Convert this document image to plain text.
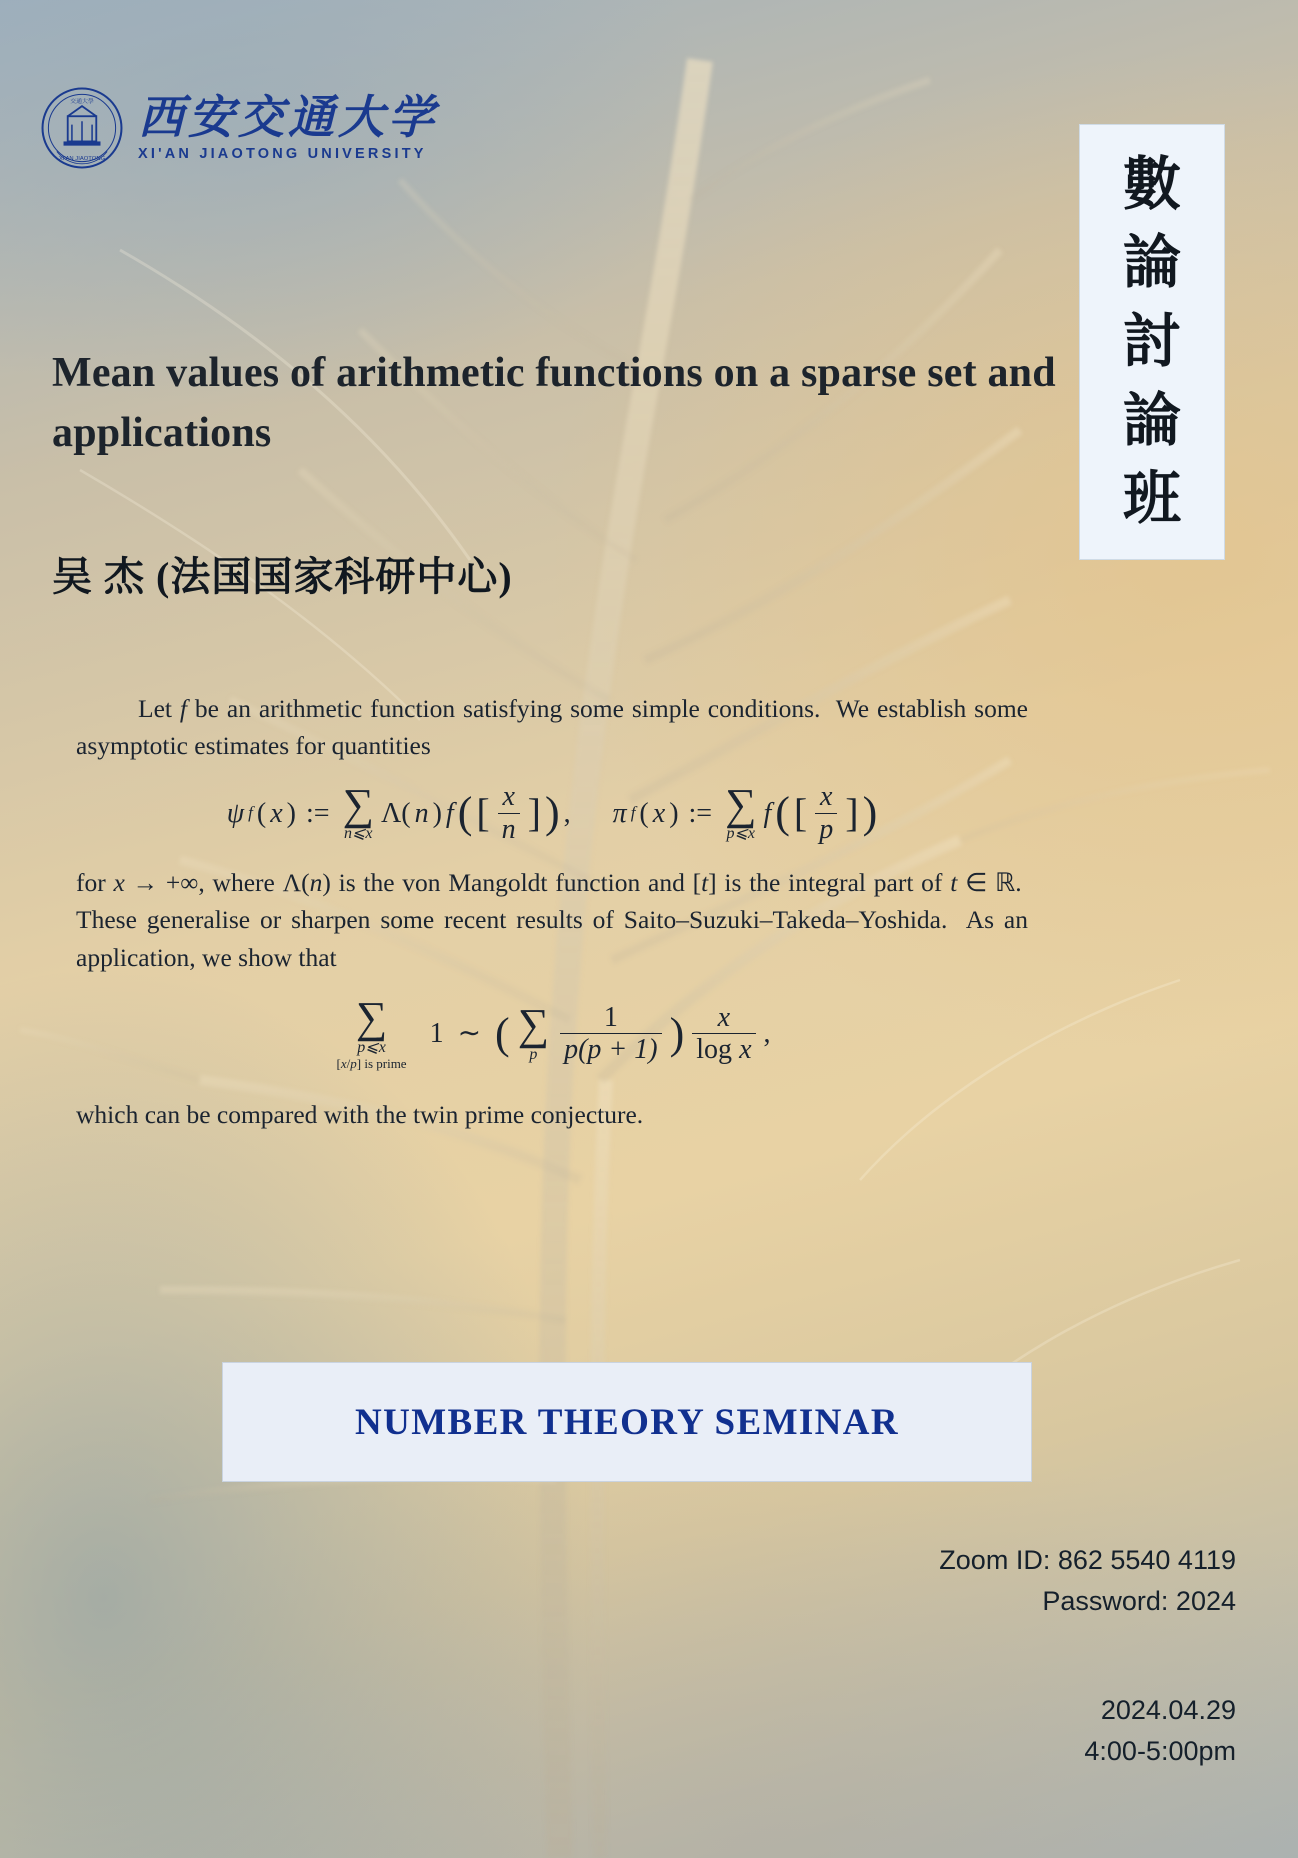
XI'AN JIAOTONG
交通大學 西安交通大学
XI'AN JIAOTONG UNIVERSITY	數
論
討
論
班
Mean values of arithmetic functions on a sparse set and applications
吴 杰 (法国国家科研中心)

Let f be an arithmetic function satisfying some simple conditions.  We establish some asymptotic estimates for quantities

ψ f ( x ) := ∑
n⩽x
Λ( n ) f ( [ $\frac{x}{n}$ ] ) , π f ( x ) := ∑
p⩽x
f ( [ $\frac{x}{p}$ ] )

for x → +∞, where Λ(n) is the von Mangoldt function and [t] is the integral part of t ∈ ℝ.  These generalise or sharpen some recent results of Saito–Suzuki–Takeda–Yoshida.  As an application, we show that

∑
p⩽x
[x/p] is prime
1 ∼ ( ∑
p $\frac{1}{p(p + 1)}$ ) $\frac{x}{\text{log x}}$ ,

which can be compared with the twin prime conjecture.

NUMBER THEORY SEMINAR
Zoom ID: 862 5540 4119
Password: 2024
2024.04.29
4:00-5:00pm
